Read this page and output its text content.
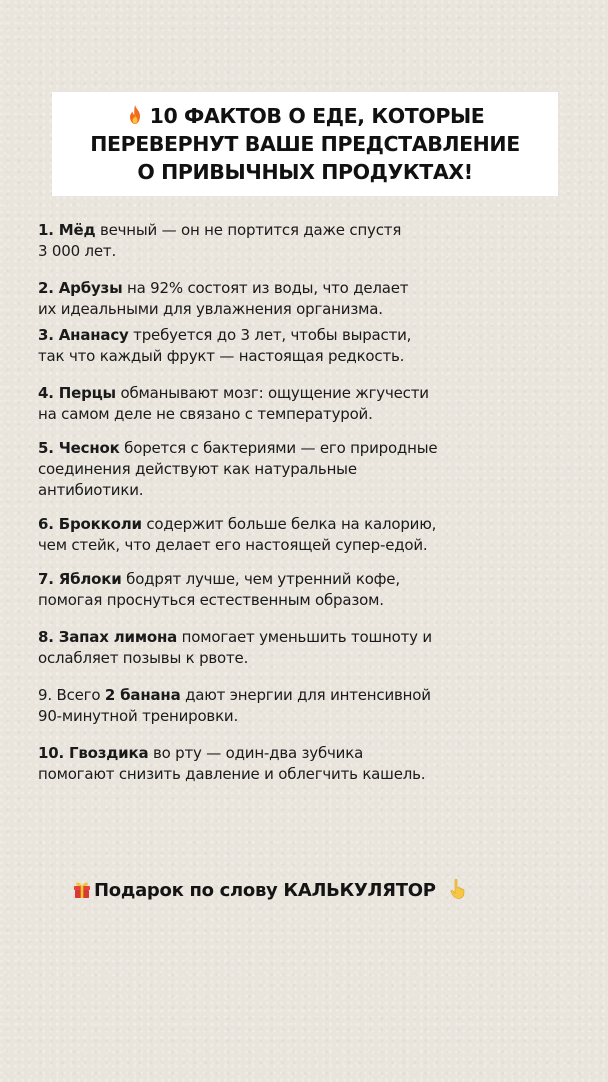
10 ФАКТОВ О ЕДЕ, КОТОРЫЕ
ПЕРЕВЕРНУТ ВАШЕ ПРЕДСТАВЛЕНИЕ
О ПРИВЫЧНЫХ ПРОДУКТАХ!
1. Мёд вечный — он не портится даже спустя
3 000 лет.
2. Арбузы на 92% состоят из воды, что делает
их идеальными для увлажнения организма.
3. Ананасу требуется до 3 лет, чтобы вырасти,
так что каждый фрукт — настоящая редкость.
4. Перцы обманывают мозг: ощущение жгучести
на самом деле не связано с температурой.
5. Чеснок борется с бактериями — его природные
соединения действуют как натуральные
антибиотики.
6. Брокколи содержит больше белка на калорию,
чем стейк, что делает его настоящей супер-едой.
7. Яблоки бодрят лучше, чем утренний кофе,
помогая проснуться естественным образом.
8. Запах лимона помогает уменьшить тошноту и
ослабляет позывы к рвоте.
9. Всего 2 банана дают энергии для интенсивной
90-минутной тренировки.
10. Гвоздика во рту — один-два зубчика
помогают снизить давление и облегчить кашель.
Подарок по слову КАЛЬКУЛЯТОР
